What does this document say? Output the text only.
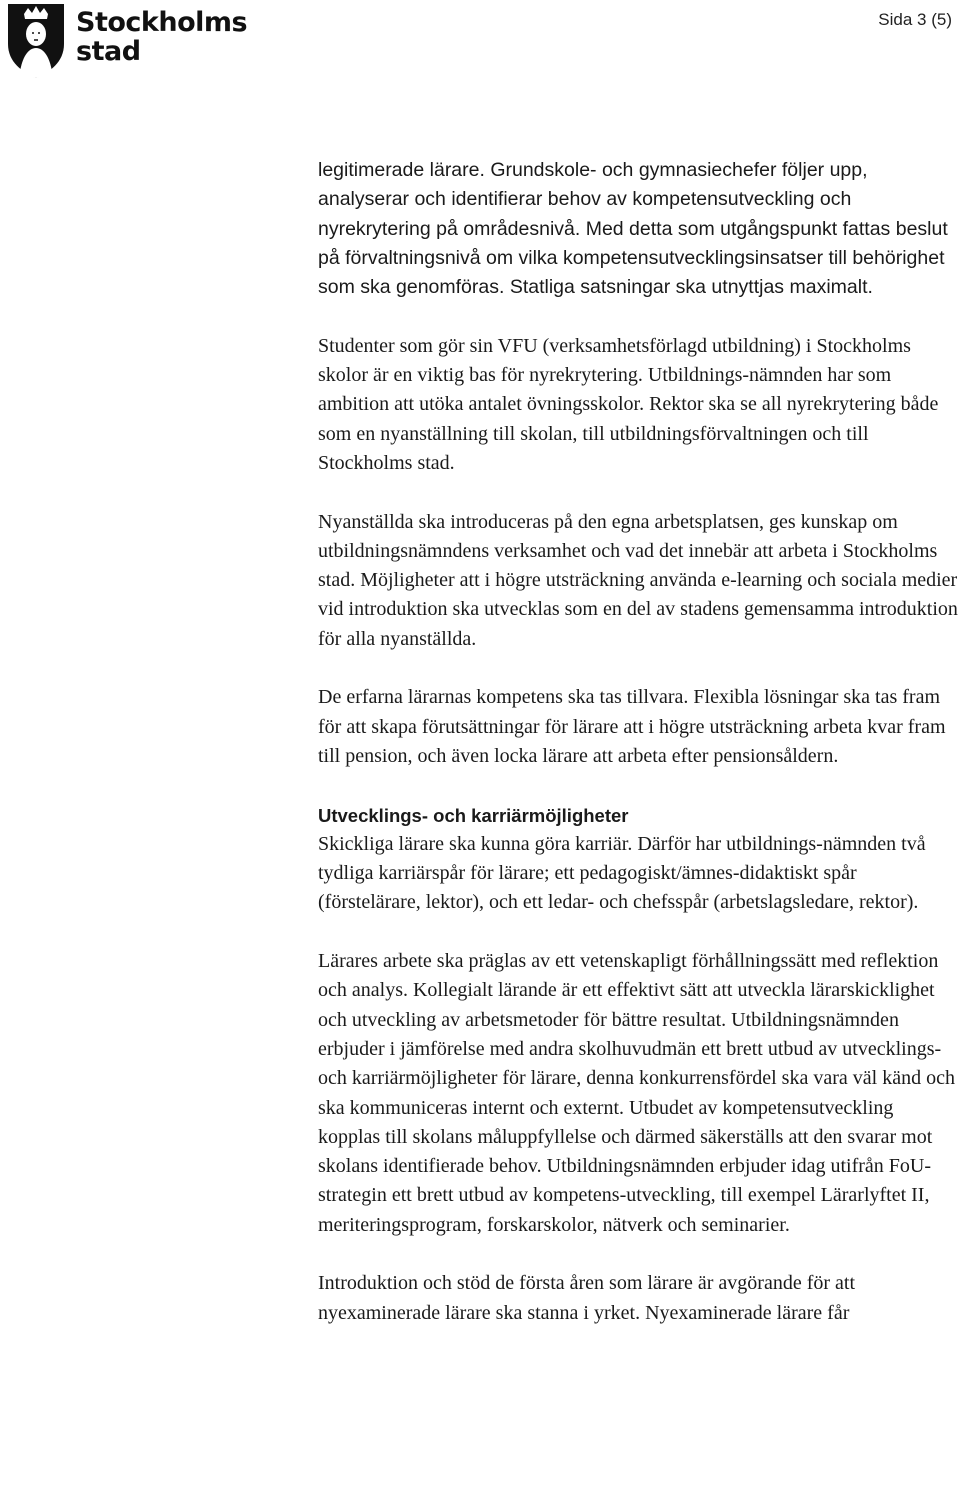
Stockholms
stad
Sida 3 (5)

legitimerade lärare. Grundskole- och gymnasiechefer följer upp, analyserar och identifierar behov av kompetensutveckling och nyrekrytering på områdesnivå. Med detta som utgångspunkt fattas beslut på förvaltningsnivå om vilka kompetensutvecklingsinsatser till behörighet som ska genomföras. Statliga satsningar ska utnyttjas maximalt.

Studenter som gör sin VFU (verksamhetsförlagd utbildning) i Stockholms skolor är en viktig bas för nyrekrytering. Utbildnings-nämnden har som ambition att utöka antalet övningsskolor. Rektor ska se all nyrekrytering både som en nyanställning till skolan, till utbildningsförvaltningen och till Stockholms stad.

Nyanställda ska introduceras på den egna arbetsplatsen, ges kunskap om utbildningsnämndens verksamhet och vad det innebär att arbeta i Stockholms stad. Möjligheter att i högre utsträckning använda e-learning och sociala medier vid introduktion ska utvecklas som en del av stadens gemensamma introduktion för alla nyanställda.

De erfarna lärarnas kompetens ska tas tillvara. Flexibla lösningar ska tas fram för att skapa förutsättningar för lärare att i högre utsträckning arbeta kvar fram till pension, och även locka lärare att arbeta efter pensionsåldern.

Utvecklings- och karriärmöjligheter

Skickliga lärare ska kunna göra karriär. Därför har utbildnings-nämnden två tydliga karriärspår för lärare; ett pedagogiskt/ämnes-didaktiskt spår (förstelärare, lektor), och ett ledar- och chefsspår (arbetslagsledare, rektor).

Lärares arbete ska präglas av ett vetenskapligt förhållningssätt med reflektion och analys. Kollegialt lärande är ett effektivt sätt att utveckla lärarskicklighet och utveckling av arbetsmetoder för bättre resultat. Utbildningsnämnden erbjuder i jämförelse med andra skolhuvudmän ett brett utbud av utvecklings- och karriärmöjligheter för lärare, denna konkurrensfördel ska vara väl känd och ska kommuniceras internt och externt. Utbudet av kompetensutveckling kopplas till skolans måluppfyllelse och därmed säkerställs att den svarar mot skolans identifierade behov. Utbildningsnämnden erbjuder idag utifrån FoU-strategin ett brett utbud av kompetens-utveckling, till exempel Lärarlyftet II, meriteringsprogram, forskarskolor, nätverk och seminarier.

Introduktion och stöd de första åren som lärare är avgörande för att nyexaminerade lärare ska stanna i yrket. Nyexaminerade lärare får
